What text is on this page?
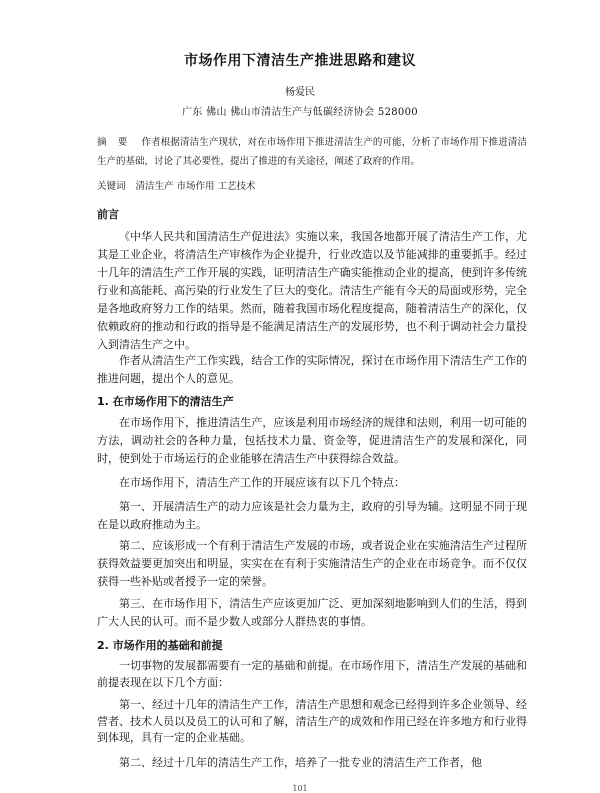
市场作用下清洁生产推进思路和建议
杨爱民
广东 佛山 佛山市清洁生产与低碳经济协会 528000
摘 要 作者根据清洁生产现状，对在市场作用下推进清洁生产的可能，分析了市场作用下推进清洁生产的基础，讨论了其必要性，提出了推进的有关途径，阐述了政府的作用。
关键词 清洁生产 市场作用 工艺技术
前言

《中华人民共和国清洁生产促进法》实施以来，我国各地都开展了清洁生产工作，尤其是工业企业，将清洁生产审核作为企业提升，行业改造以及节能减排的重要抓手。经过十几年的清洁生产工作开展的实践，证明清洁生产确实能推动企业的提高，使到许多传统行业和高能耗、高污染的行业发生了巨大的变化。清洁生产能有今天的局面或形势，完全是各地政府努力工作的结果。然而，随着我国市场化程度提高，随着清洁生产的深化，仅依赖政府的推动和行政的指导是不能满足清洁生产的发展形势，也不利于调动社会力量投入到清洁生产之中。

作者从清洁生产工作实践，结合工作的实际情况，探讨在市场作用下清洁生产工作的推进问题，提出个人的意见。

1. 在市场作用下的清洁生产

在市场作用下，推进清洁生产，应该是利用市场经济的规律和法则，利用一切可能的方法，调动社会的各种力量，包括技术力量、资金等，促进清洁生产的发展和深化，同时，使到处于市场运行的企业能够在清洁生产中获得综合效益。

在市场作用下，清洁生产工作的开展应该有以下几个特点：

第一、开展清洁生产的动力应该是社会力量为主，政府的引导为辅。这明显不同于现在是以政府推动为主。

第二、应该形成一个有利于清洁生产发展的市场，或者说企业在实施清洁生产过程所获得效益要更加突出和明显，实实在在有利于实施清洁生产的企业在市场竞争。而不仅仅获得一些补贴或者授予一定的荣誉。

第三、在市场作用下，清洁生产应该更加广泛、更加深刻地影响到人们的生活，得到广大人民的认可。而不是少数人或部分人群热衷的事情。

2. 市场作用的基础和前提

一切事物的发展都需要有一定的基础和前提。在市场作用下，清洁生产发展的基础和前提表现在以下几个方面：

第一、经过十几年的清洁生产工作，清洁生产思想和观念已经得到许多企业领导、经营者、技术人员以及员工的认可和了解，清洁生产的成效和作用已经在许多地方和行业得到体现，具有一定的企业基础。

第二、经过十几年的清洁生产工作，培养了一批专业的清洁生产工作者，他

101
